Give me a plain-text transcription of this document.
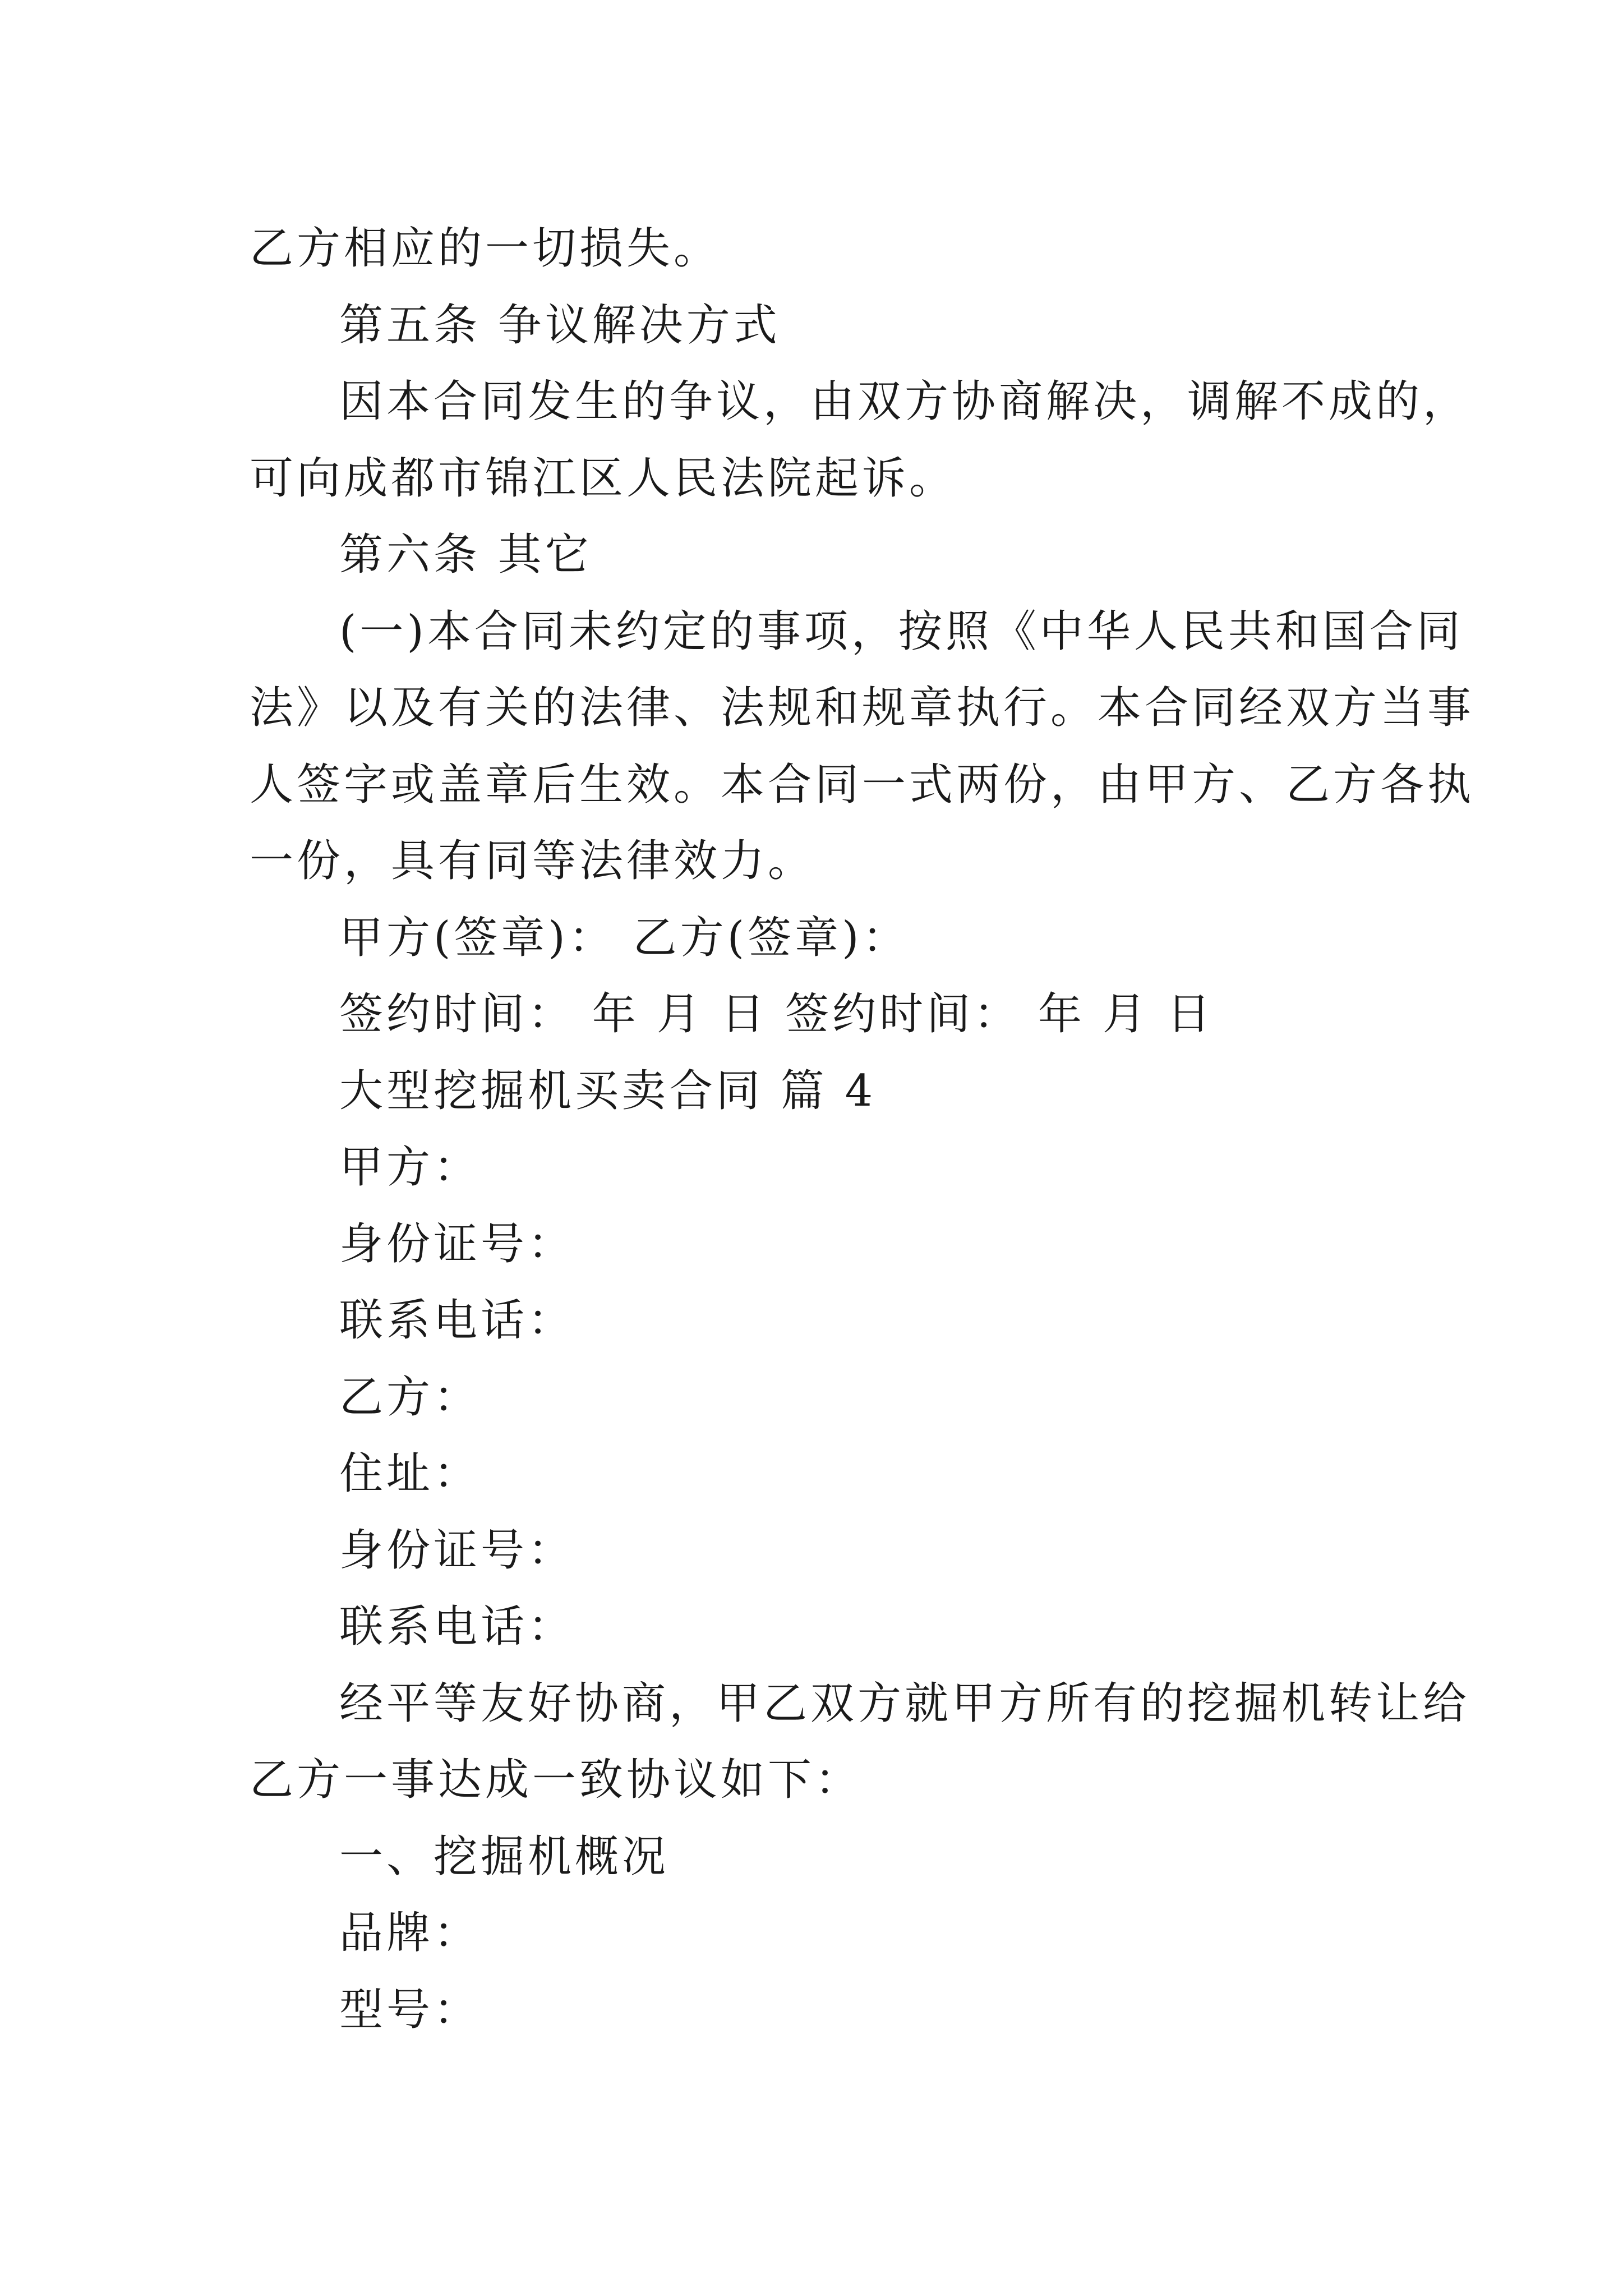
乙方相应的一切损失。
第五条 争议解决方式
因本合同发生的争议，由双方协商解决，调解不成的，
可向成都市锦江区人民法院起诉。
第六条 其它
(一)本合同未约定的事项，按照《中华人民共和国合同
法》以及有关的法律、法规和规章执行。本合同经双方当事
人签字或盖章后生效。本合同一式两份，由甲方、乙方各执
一份，具有同等法律效力。
甲方(签章)： 乙方(签章)：
签约时间： 年 月 日 签约时间： 年 月 日
大型挖掘机买卖合同 篇 4
甲方：
身份证号：
联系电话：
乙方：
住址：
身份证号：
联系电话：
经平等友好协商，甲乙双方就甲方所有的挖掘机转让给
乙方一事达成一致协议如下：
一、挖掘机概况
品牌：
型号：
